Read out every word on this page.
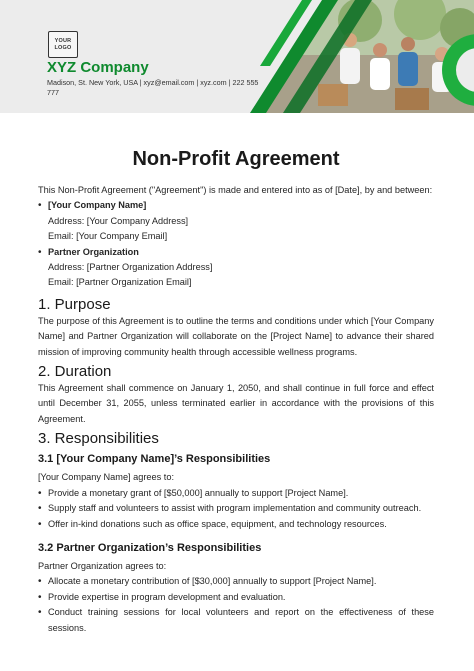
YOUR LOGO
XYZ Company
Madison, St. New York, USA | xyz@email.com | xyz.com | 222 555 777
Non-Profit Agreement

This Non-Profit Agreement ("Agreement") is made and entered into as of [Date], by and between:

• [Your Company Name]
Address: [Your Company Address]
Email: [Your Company Email]
• Partner Organization
Address: [Partner Organization Address]
Email: [Partner Organization Email]
1. Purpose

The purpose of this Agreement is to outline the terms and conditions under which [Your Company Name] and Partner Organization will collaborate on the [Project Name] to advance their shared mission of improving community health through accessible wellness programs.

2. Duration

This Agreement shall commence on January 1, 2050, and shall continue in full force and effect until December 31, 2055, unless terminated earlier in accordance with the provisions of this Agreement.

3. Responsibilities
3.1 [Your Company Name]’s Responsibilities

[Your Company Name] agrees to:

• Provide a monetary grant of [$50,000] annually to support [Project Name].
• Supply staff and volunteers to assist with program implementation and community outreach.
• Offer in-kind donations such as office space, equipment, and technology resources.
3.2 Partner Organization’s Responsibilities

Partner Organization agrees to:

• Allocate a monetary contribution of [$30,000] annually to support [Project Name].
• Provide expertise in program development and evaluation.
• Conduct training sessions for local volunteers and report on the effectiveness of these sessions.
